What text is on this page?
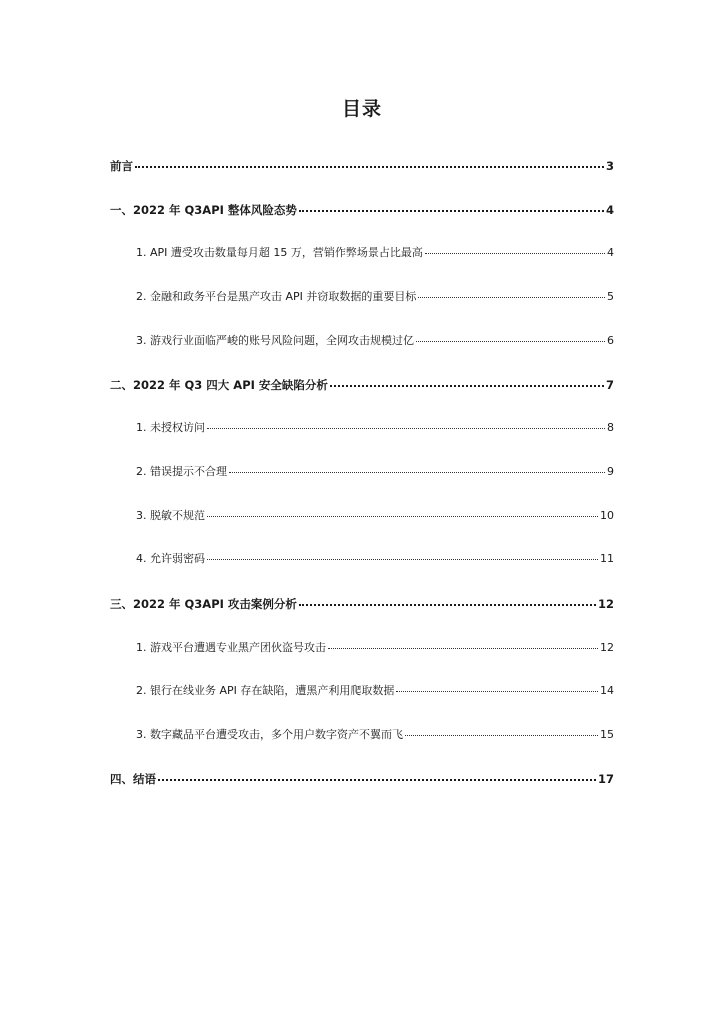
目录
前言	3
一、2022 年 Q3API 整体风险态势	4
1. API 遭受攻击数量每月超 15 万，营销作弊场景占比最高	4
2. 金融和政务平台是黑产攻击 API 并窃取数据的重要目标	5
3. 游戏行业面临严峻的账号风险问题，全网攻击规模过亿	6
二、2022 年 Q3 四大 API 安全缺陷分析	7
1. 未授权访问	8
2. 错误提示不合理	9
3. 脱敏不规范	10
4. 允许弱密码	11
三、2022 年 Q3API 攻击案例分析	12
1. 游戏平台遭遇专业黑产团伙盗号攻击	12
2. 银行在线业务 API 存在缺陷，遭黑产利用爬取数据	14
3. 数字藏品平台遭受攻击，多个用户数字资产不翼而飞	15
四、结语	17
